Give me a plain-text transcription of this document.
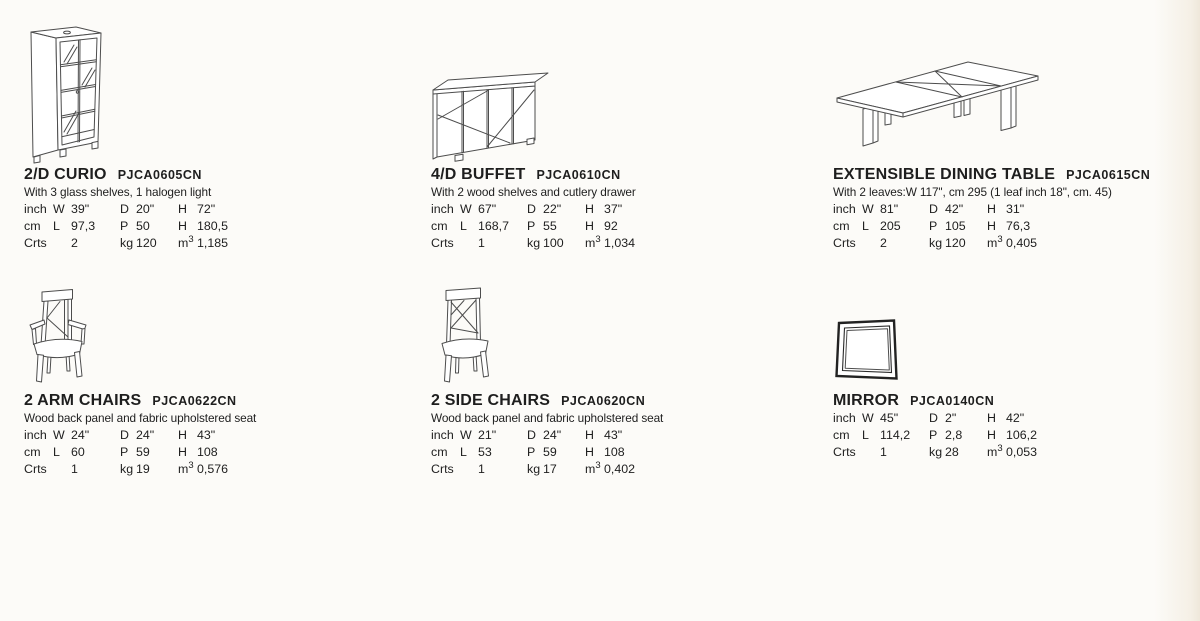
2/D CURIO PJCA0605CN

With 3 glass shelves, 1 halogen light

inch W 39" D 20" H 72"
cm	L 97,3 P 50 H 180,5
Crts	2	kg 120 $m^3$ 1,185
4/D BUFFET PJCA0610CN

With 2 wood shelves and cutlery drawer

inch W 67" D 22" H 37"
cm	L 168,7 P 55 H 92
Crts	1	kg 100 $m^3$ 1,034
EXTENSIBLE DINING TABLE PJCA0615CN

With 2 leaves:W 117", cm 295 (1 leaf inch 18", cm. 45)

inch W 81" D 42" H 31"
cm	L 205 P 105 H 76,3
Crts	2	kg 120 $m^3$ 0,405
2 ARM CHAIRS PJCA0622CN

Wood back panel and fabric upholstered seat

inch W 24" D 24" H 43"
cm	L 60	P 59 H 108
Crts	1	kg 19 $m^3$ 0,576
2 SIDE CHAIRS PJCA0620CN

Wood back panel and fabric upholstered seat

inch W 21" D 24" H 43"
cm	L 53	P 59 H 108
Crts	1	kg 17 $m^3$ 0,402
MIRROR PJCA0140CN
inch W 45" D 2" H 42"
cm	L 114,2 P 2,8 H 106,2
Crts	1	kg 28 $m^3$ 0,053
